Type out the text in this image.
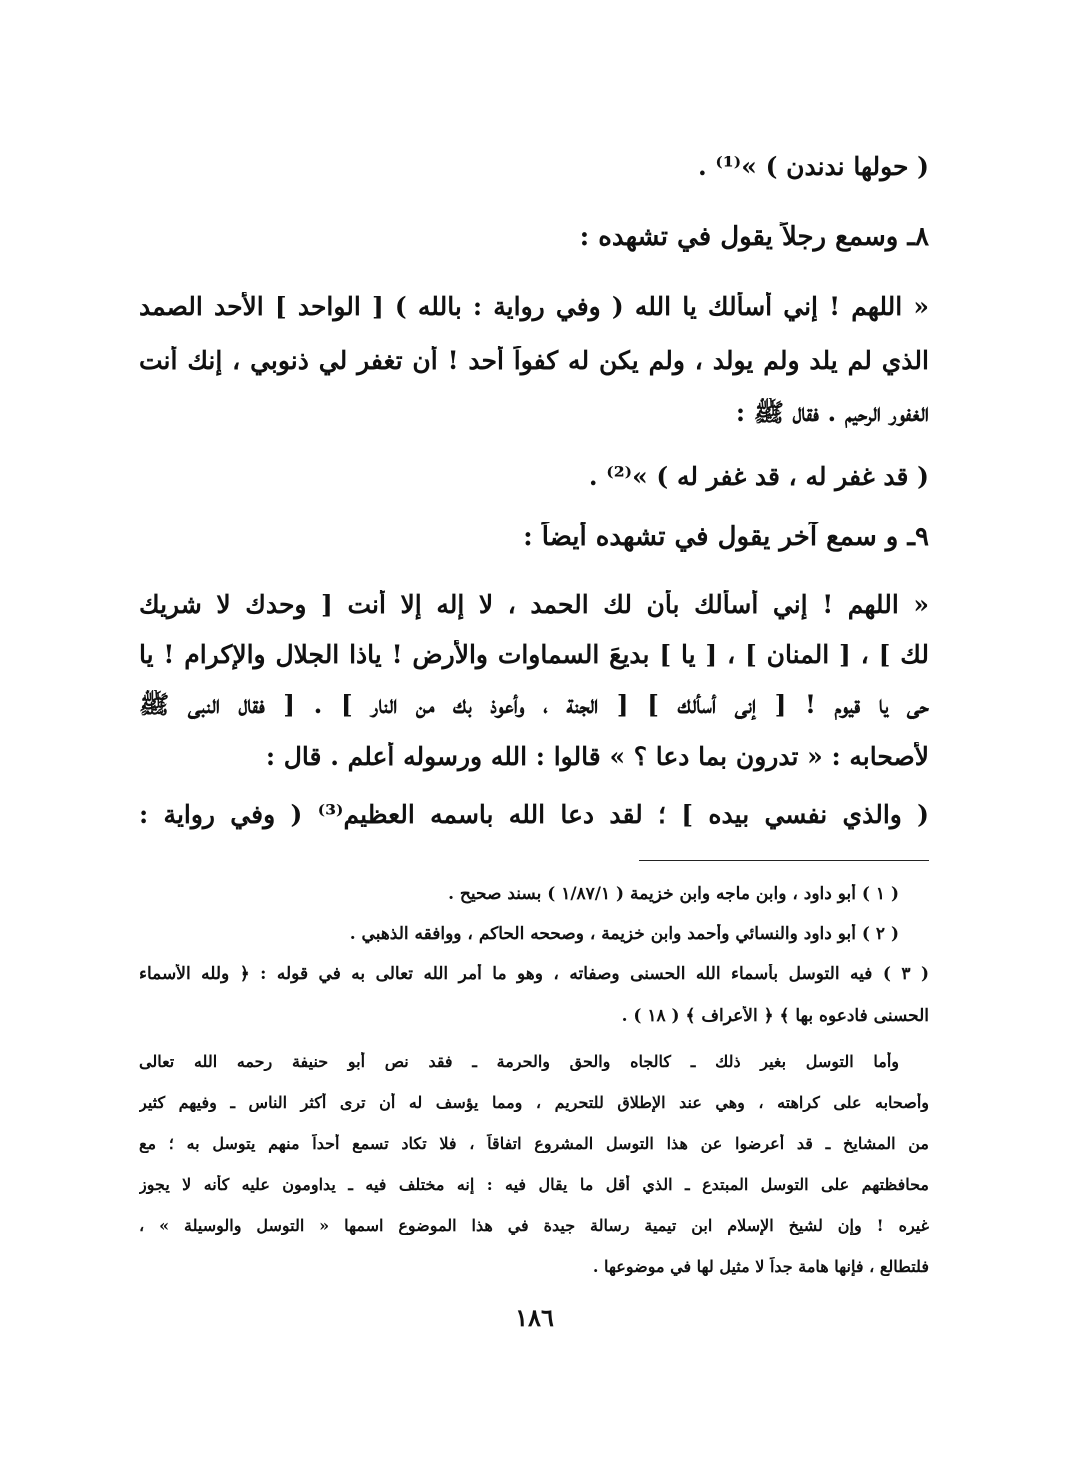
( حولها ندندن ) »⁽¹⁾ .
٨ـ وسمع رجلاً يقول في تشهده :
« اللهم ! إني أسألك يا الله ( وفي رواية : بالله ) [ الواحد ] الأحد الصمد
الذي لم يلد ولم يولد ، ولم يكن له كفواً أحد ! أن تغفر لي ذنوبي ، إنك أنت
الغفور الرحيم . فقال ﷺ :
( قد غفر له ، قد غفر له ) »⁽²⁾ .
٩ـ و سمع آخر يقول في تشهده أيضاً :
« اللهم ! إني أسألك بأن لك الحمد ، لا إله إلا أنت [ وحدك لا شريك
لك ] ، [ المنان ] ، [ يا ] بديعَ السماوات والأرض ! ياذا الجلال والإكرام ! يا
حي يا قيوم ! [ إني أسألك ] [ الجنة ، وأعوذ بك من النار ] . [ فقال النبي ﷺ
لأصحابه : « تدرون بما دعا ؟ » قالوا : الله ورسوله أعلم . قال :
( والذي نفسي بيده ] ؛ لقد دعا الله باسمه العظيم⁽³⁾ ( وفي رواية :
( ١ ) أبو داود ، وابن ماجه وابن خزيمة ( ١/٨٧/١ ) بسند صحيح .
( ٢ ) أبو داود والنسائي وأحمد وابن خزيمة ، وصححه الحاكم ، ووافقه الذهبي .
( ٣ ) فيه التوسل بأسماء الله الحسنى وصفاته ، وهو ما أمر الله تعالى به في قوله : ﴿ ولله الأسماء
الحسنى فادعوه بها ﴾ ﴿ الأعراف ﴾ ( ١٨ ) .
وأما التوسل بغير ذلك ـ كالجاه والحق والحرمة ـ فقد نص أبو حنيفة رحمه الله تعالى
وأصحابه على كراهته ، وهي عند الإطلاق للتحريم ، ومما يؤسف له أن ترى أكثر الناس ـ وفيهم كثير
من المشايخ ـ قد أعرضوا عن هذا التوسل المشروع اتفاقاً ، فلا تكاد تسمع أحداً منهم يتوسل به ؛ مع
محافظتهم على التوسل المبتدع ـ الذي أقل ما يقال فيه : إنه مختلف فيه ـ يداومون عليه كأنه لا يجوز
غيره ! وإن لشيخ الإسلام ابن تيمية رسالة جيدة في هذا الموضوع اسمها « التوسل والوسيلة » ،
فلتطالع ، فإنها هامة جداً لا مثيل لها في موضوعها .
١٨٦
